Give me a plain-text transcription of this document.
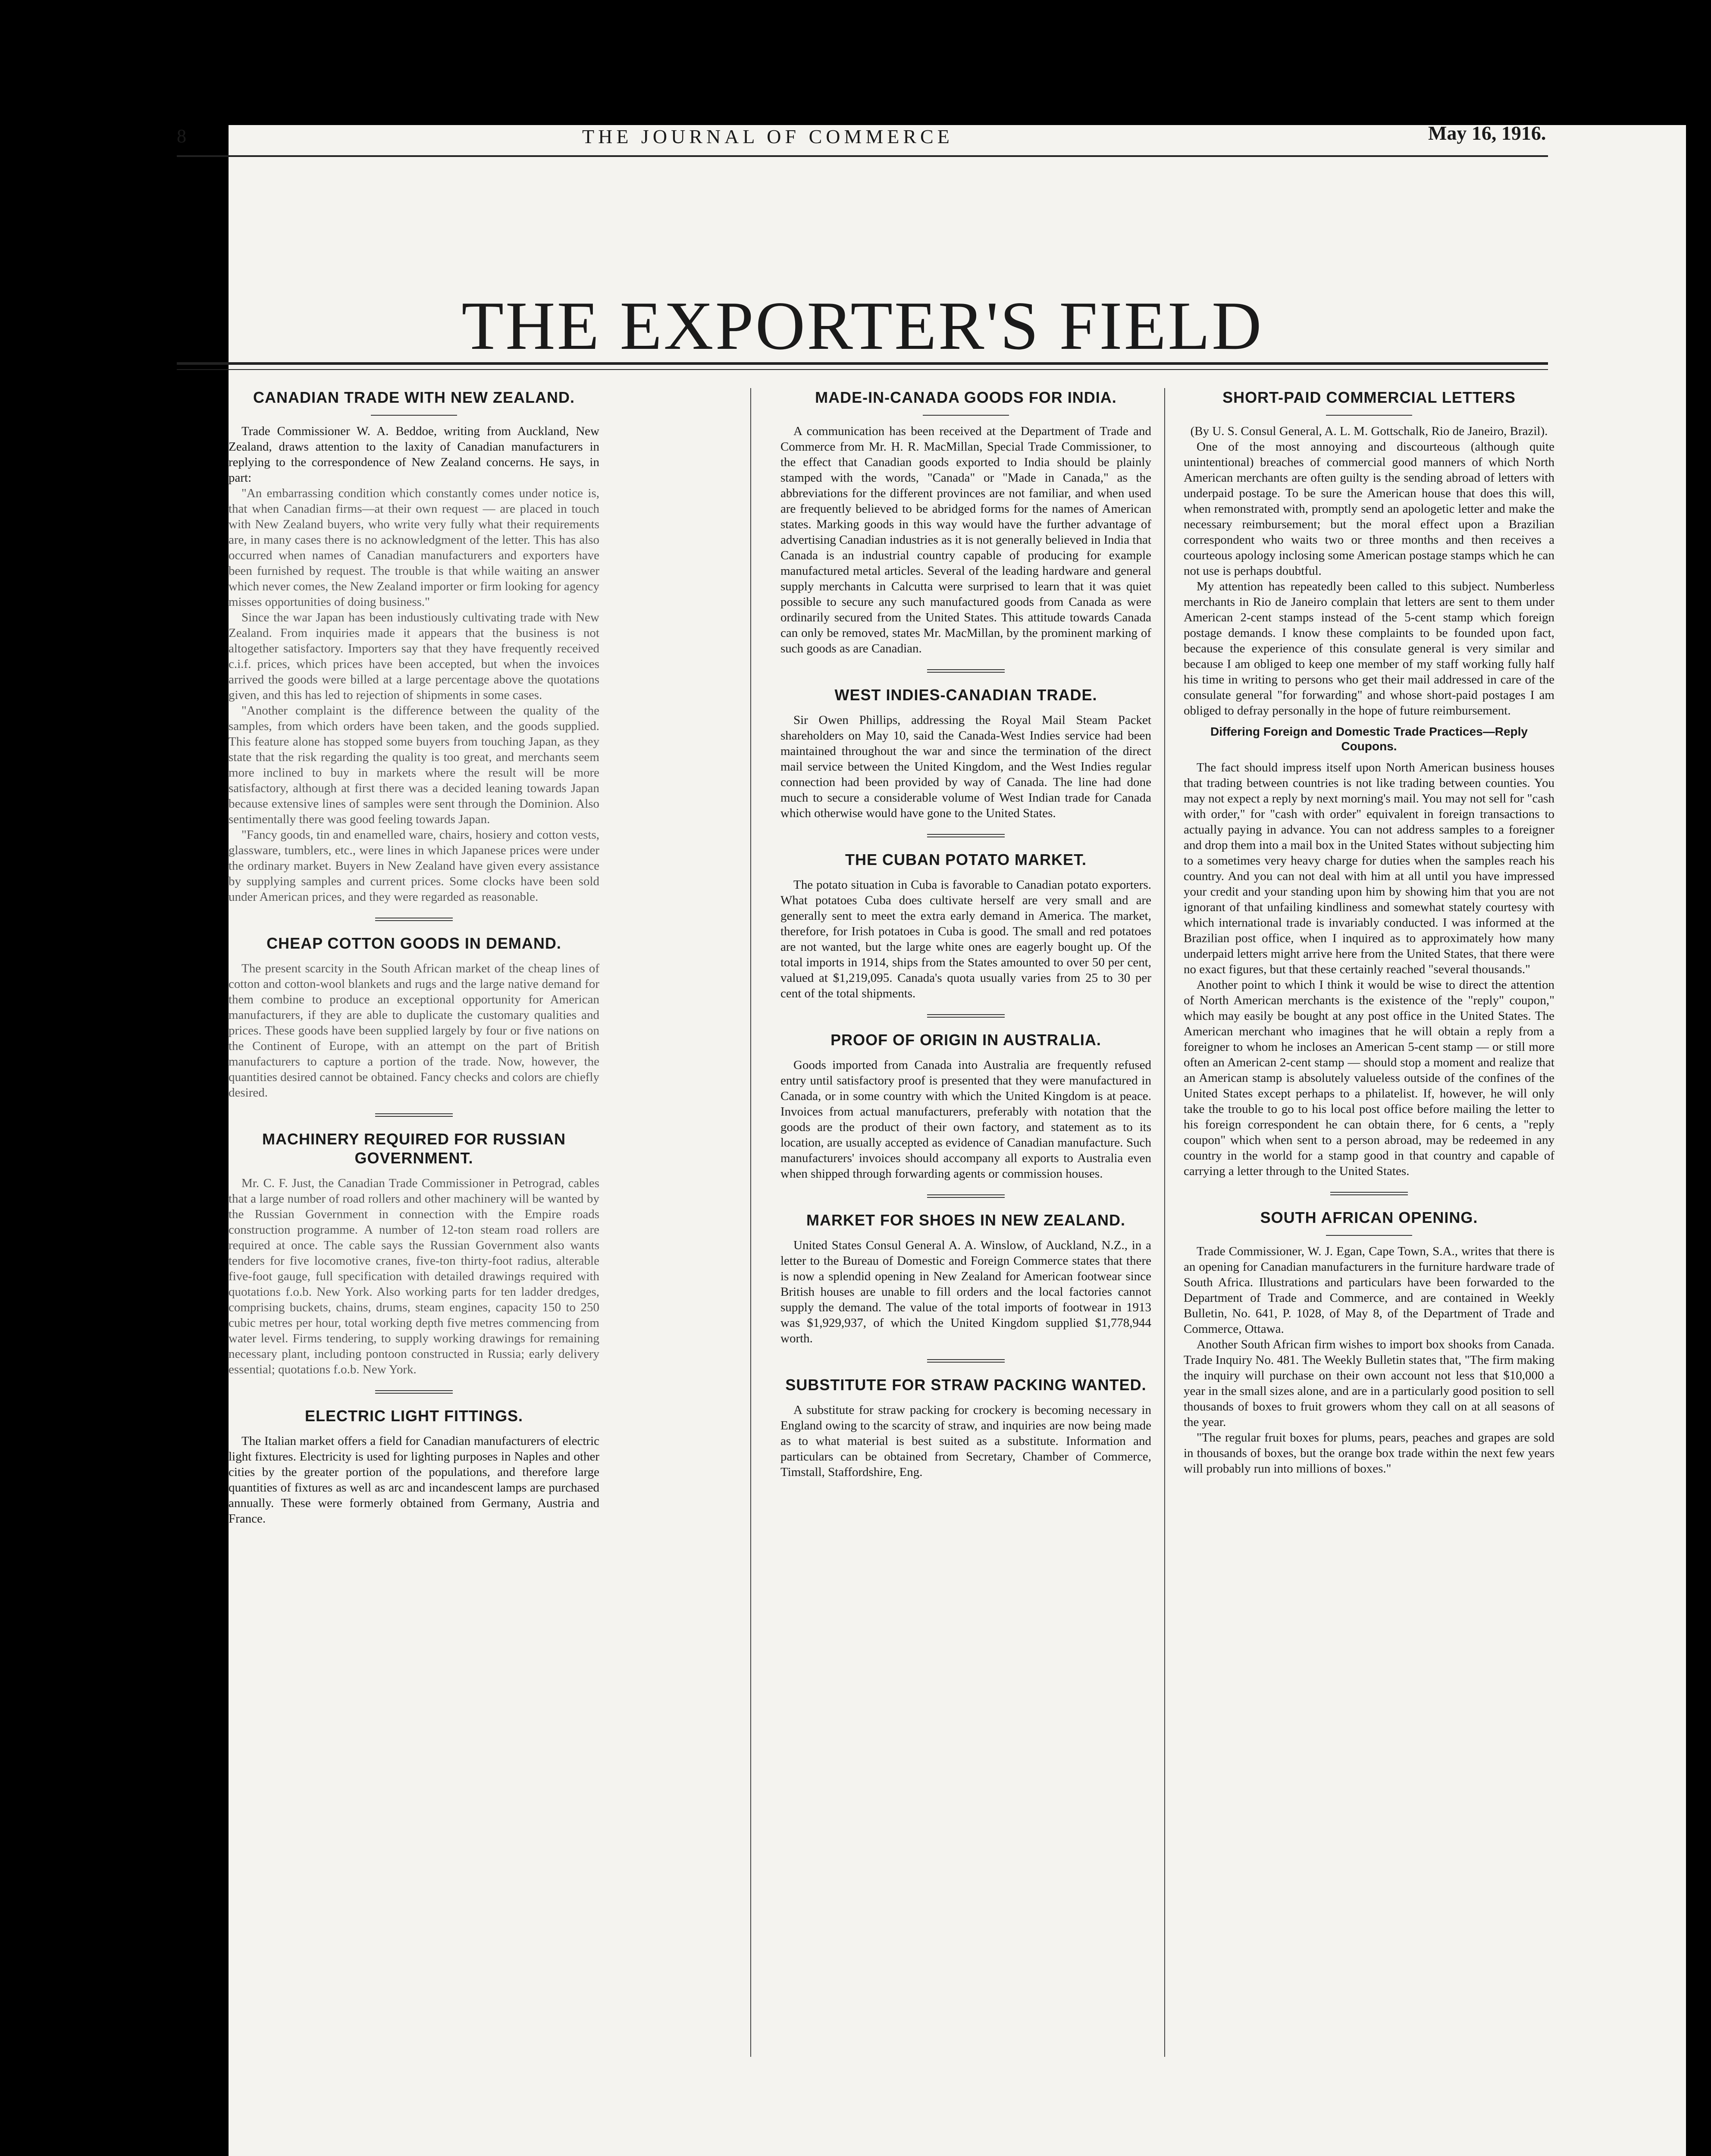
8	THE JOURNAL OF COMMERCE	May 16, 1916.
THE EXPORTER'S FIELD
CANADIAN TRADE WITH NEW ZEALAND.

Trade Commissioner W. A. Beddoe, writing from Auckland, New Zealand, draws attention to the laxity of Canadian manufacturers in replying to the correspondence of New Zealand concerns. He says, in part:

"An embarrassing condition which constantly comes under notice is, that when Canadian firms—at their own request — are placed in touch with New Zealand buyers, who write very fully what their requirements are, in many cases there is no acknowledgment of the letter. This has also occurred when names of Canadian manufacturers and exporters have been furnished by request. The trouble is that while waiting an answer which never comes, the New Zealand importer or firm looking for agency misses opportunities of doing business."

Since the war Japan has been industiously cultivating trade with New Zealand. From inquiries made it appears that the business is not altogether satisfactory. Importers say that they have frequently received c.i.f. prices, which prices have been accepted, but when the invoices arrived the goods were billed at a large percentage above the quotations given, and this has led to rejection of shipments in some cases.

"Another complaint is the difference between the quality of the samples, from which orders have been taken, and the goods supplied. This feature alone has stopped some buyers from touching Japan, as they state that the risk regarding the quality is too great, and merchants seem more inclined to buy in markets where the result will be more satisfactory, although at first there was a decided leaning towards Japan because extensive lines of samples were sent through the Dominion. Also sentimentally there was good feeling towards Japan.

"Fancy goods, tin and enamelled ware, chairs, hosiery and cotton vests, glassware, tumblers, etc., were lines in which Japanese prices were under the ordinary market. Buyers in New Zealand have given every assistance by supplying samples and current prices. Some clocks have been sold under American prices, and they were regarded as reasonable.

CHEAP COTTON GOODS IN DEMAND.

The present scarcity in the South African market of the cheap lines of cotton and cotton-wool blankets and rugs and the large native demand for them combine to produce an exceptional opportunity for American manufacturers, if they are able to duplicate the customary qualities and prices. These goods have been supplied largely by four or five nations on the Continent of Europe, with an attempt on the part of British manufacturers to capture a portion of the trade. Now, however, the quantities desired cannot be obtained. Fancy checks and colors are chiefly desired.

MACHINERY REQUIRED FOR RUSSIAN GOVERNMENT.

Mr. C. F. Just, the Canadian Trade Commissioner in Petrograd, cables that a large number of road rollers and other machinery will be wanted by the Russian Government in connection with the Empire roads construction programme. A number of 12-ton steam road rollers are required at once. The cable says the Russian Government also wants tenders for five locomotive cranes, five-ton thirty-foot radius, alterable five-foot gauge, full specification with detailed drawings required with quotations f.o.b. New York. Also working parts for ten ladder dredges, comprising buckets, chains, drums, steam engines, capacity 150 to 250 cubic metres per hour, total working depth five metres commencing from water level. Firms tendering, to supply working drawings for remaining necessary plant, including pontoon constructed in Russia; early delivery essential; quotations f.o.b. New York.

ELECTRIC LIGHT FITTINGS.

The Italian market offers a field for Canadian manufacturers of electric light fixtures. Electricity is used for lighting purposes in Naples and other cities by the greater portion of the populations, and therefore large quantities of fixtures as well as arc and incandescent lamps are purchased annually. These were formerly obtained from Germany, Austria and France.

MADE-IN-CANADA GOODS FOR INDIA.

A communication has been received at the Department of Trade and Commerce from Mr. H. R. MacMillan, Special Trade Commissioner, to the effect that Canadian goods exported to India should be plainly stamped with the words, "Canada" or "Made in Canada," as the abbreviations for the different provinces are not familiar, and when used are frequently believed to be abridged forms for the names of American states. Marking goods in this way would have the further advantage of advertising Canadian industries as it is not generally believed in India that Canada is an industrial country capable of producing for example manufactured metal articles. Several of the leading hardware and general supply merchants in Calcutta were surprised to learn that it was quiet possible to secure any such manufactured goods from Canada as were ordinarily secured from the United States. This attitude towards Canada can only be removed, states Mr. MacMillan, by the prominent marking of such goods as are Canadian.

WEST INDIES-CANADIAN TRADE.

Sir Owen Phillips, addressing the Royal Mail Steam Packet shareholders on May 10, said the Canada-West Indies service had been maintained throughout the war and since the termination of the direct mail service between the United Kingdom, and the West Indies regular connection had been provided by way of Canada. The line had done much to secure a considerable volume of West Indian trade for Canada which otherwise would have gone to the United States.

THE CUBAN POTATO MARKET.

The potato situation in Cuba is favorable to Canadian potato exporters. What potatoes Cuba does cultivate herself are very small and are generally sent to meet the extra early demand in America. The market, therefore, for Irish potatoes in Cuba is good. The small and red potatoes are not wanted, but the large white ones are eagerly bought up. Of the total imports in 1914, ships from the States amounted to over 50 per cent, valued at $1,219,095. Canada's quota usually varies from 25 to 30 per cent of the total shipments.

PROOF OF ORIGIN IN AUSTRALIA.

Goods imported from Canada into Australia are frequently refused entry until satisfactory proof is presented that they were manufactured in Canada, or in some country with which the United Kingdom is at peace. Invoices from actual manufacturers, preferably with notation that the goods are the product of their own factory, and statement as to its location, are usually accepted as evidence of Canadian manufacture. Such manufacturers' invoices should accompany all exports to Australia even when shipped through forwarding agents or commission houses.

MARKET FOR SHOES IN NEW ZEALAND.

United States Consul General A. A. Winslow, of Auckland, N.Z., in a letter to the Bureau of Domestic and Foreign Commerce states that there is now a splendid opening in New Zealand for American footwear since British houses are unable to fill orders and the local factories cannot supply the demand. The value of the total imports of footwear in 1913 was $1,929,937, of which the United Kingdom supplied $1,778,944 worth.

SUBSTITUTE FOR STRAW PACKING WANTED.

A substitute for straw packing for crockery is becoming necessary in England owing to the scarcity of straw, and inquiries are now being made as to what material is best suited as a substitute. Information and particulars can be obtained from Secretary, Chamber of Commerce, Timstall, Staffordshire, Eng.

SHORT-PAID COMMERCIAL LETTERS

(By U. S. Consul General, A. L. M. Gottschalk, Rio de Janeiro, Brazil).

One of the most annoying and discourteous (although quite unintentional) breaches of commercial good manners of which North American merchants are often guilty is the sending abroad of letters with underpaid postage. To be sure the American house that does this will, when remonstrated with, promptly send an apologetic letter and make the necessary reimbursement; but the moral effect upon a Brazilian correspondent who waits two or three months and then receives a courteous apology inclosing some American postage stamps which he can not use is perhaps doubtful.

My attention has repeatedly been called to this subject. Numberless merchants in Rio de Janeiro complain that letters are sent to them under American 2-cent stamps instead of the 5-cent stamp which foreign postage demands. I know these complaints to be founded upon fact, because the experience of this consulate general is very similar and because I am obliged to keep one member of my staff working fully half his time in writing to persons who get their mail addressed in care of the consulate general "for forwarding" and whose short-paid postages I am obliged to defray personally in the hope of future reimbursement.

Differing Foreign and Domestic Trade Practices—Reply Coupons.

The fact should impress itself upon North American business houses that trading between countries is not like trading between counties. You may not expect a reply by next morning's mail. You may not sell for "cash with order," for "cash with order" equivalent in foreign transactions to actually paying in advance. You can not address samples to a foreigner and drop them into a mail box in the United States without subjecting him to a sometimes very heavy charge for duties when the samples reach his country. And you can not deal with him at all until you have impressed your credit and your standing upon him by showing him that you are not ignorant of that unfailing kindliness and somewhat stately courtesy with which international trade is invariably conducted. I was informed at the Brazilian post office, when I inquired as to approximately how many underpaid letters might arrive here from the United States, that there were no exact figures, but that these certainly reached "several thousands."

Another point to which I think it would be wise to direct the attention of North American merchants is the existence of the "reply" coupon," which may easily be bought at any post office in the United States. The American merchant who imagines that he will obtain a reply from a foreigner to whom he incloses an American 5-cent stamp — or still more often an American 2-cent stamp — should stop a moment and realize that an American stamp is absolutely valueless outside of the confines of the United States except perhaps to a philatelist. If, however, he will only take the trouble to go to his local post office before mailing the letter to his foreign correspondent he can obtain there, for 6 cents, a "reply coupon" which when sent to a person abroad, may be redeemed in any country in the world for a stamp good in that country and capable of carrying a letter through to the United States.

SOUTH AFRICAN OPENING.

Trade Commissioner, W. J. Egan, Cape Town, S.A., writes that there is an opening for Canadian manufacturers in the furniture hardware trade of South Africa. Illustrations and particulars have been forwarded to the Department of Trade and Commerce, and are contained in Weekly Bulletin, No. 641, P. 1028, of May 8, of the Department of Trade and Commerce, Ottawa.

Another South African firm wishes to import box shooks from Canada. Trade Inquiry No. 481. The Weekly Bulletin states that, "The firm making the inquiry will purchase on their own account not less that $10,000 a year in the small sizes alone, and are in a particularly good position to sell thousands of boxes to fruit growers whom they call on at all seasons of the year.

"The regular fruit boxes for plums, pears, peaches and grapes are sold in thousands of boxes, but the orange box trade within the next few years will probably run into millions of boxes."
